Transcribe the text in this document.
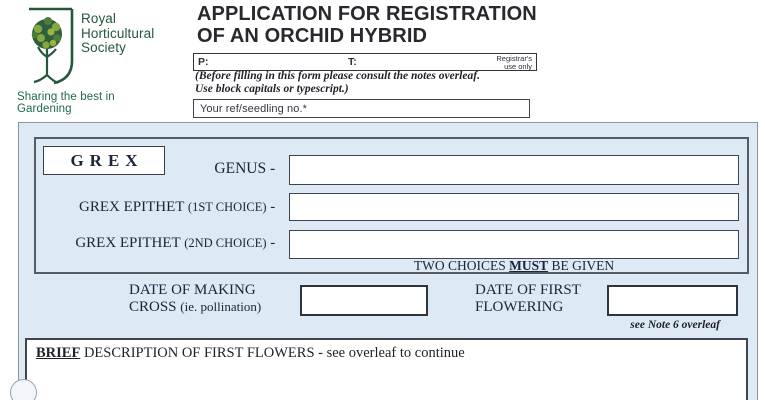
Royal
Horticultural
Society
Sharing the best in Gardening
APPLICATION FOR REGISTRATION
OF AN ORCHID HYBRID
P:	T:	Registrar's
use only
(Before filling in this form please consult the notes overleaf.
Use block capitals or typescript.)
Your ref/seedling no.*
GREX	GENUS -
GREX EPITHET (1ST CHOICE) -
GREX EPITHET (2ND CHOICE) -
TWO CHOICES MUST BE GIVEN
DATE OF MAKING
CROSS (ie. pollination)
DATE OF FIRST
FLOWERING
see Note 6 overleaf
BRIEF DESCRIPTION OF FIRST FLOWERS - see overleaf to continue
